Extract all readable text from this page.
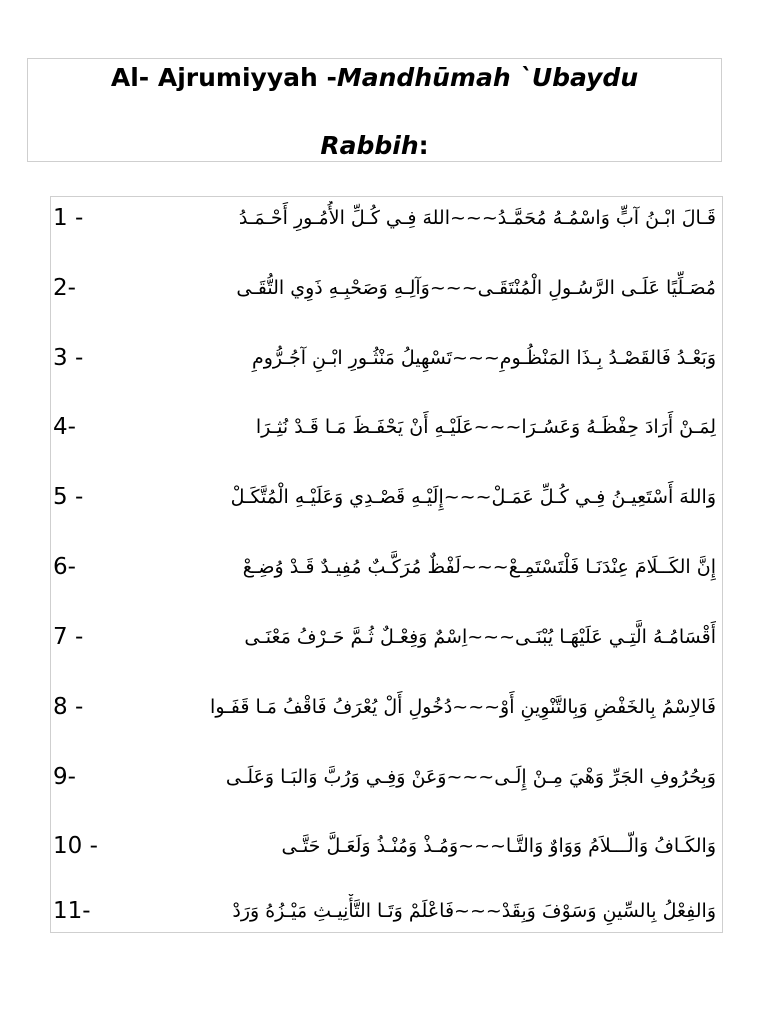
Al- Ajrumiyyah -Mandhūmah `Ubaydu
Rabbih:
1 -	قَـالَ ابْـنُ آبٍّ وَاسْمُـهُ مُحَمَّـدُ~~~اللهَ فِـي كُـلِّ الأُمُـورِ أَحْـمَـدُ
2-	مُصَـلِّيًا عَلَـى الرَّسُـولِ الْمُنْتَقَـى~~~وَآلِـهِ وَصَحْبِـهِ ذَوِي التُّقَـى
3 -	وَبَعْـدُ فَالقَصْـدُ بِـذَا المَنْظُـومِ~~~تَسْهِيلُ مَنْثُـورِ ابْـنِ آجُـرُّومِ
4-	لِمَـنْ أَرَادَ حِفْظَـهُ وَعَسُـرَا~~~عَلَيْـهِ أَنْ يَحْفَـظَ مَـا قَـدْ نُثِـرَا
5 -	وَاللهَ أَسْتَعِيـنُ فِـي كُـلِّ عَمَـلْ~~~إِلَيْـهِ قَصْـدِي وَعَلَيْـهِ الْمُتَّكَـلْ
6-	إِنَّ الكَــلَامَ عِنْدَنَـا فَلْتَسْتَمِـعْ~~~لَفْظٌ مُرَكَّـبٌ مُفِيـدٌ قَـدْ وُضِـعْ
7 -	أَقْسَامُـهُ الَّتِـي عَلَيْهَـا يُبْنَـى~~~اِسْمٌ وَفِعْـلٌ ثُـمَّ حَـرْفُ مَعْنَـى
8 -	فَالاِسْمُ بِالخَفْضِ وَبِالتَّنْوِينِ أَوْ~~~دُخُولِ أَلْ يُعْرَفُ فَاقْفُ مَـا قَفَـوا
9-	وَبِحُرُوفِ الجَرِّ وَهْيَ مِـنْ إِلَـى~~~وَعَنْ وَفِـي وَرُبَّ وَالبَـا وَعَلَـى
10 -	وَالكَـافُ وَالّـــلاَمُ وَوَاوٌ وَالتَّـا~~~وَمُـذْ وَمُنْـذُ وَلَعَـلَّ حَتَّـى
11-	وَالفِعْلُ بِالسِّينِ وَسَوْفَ وَبِقَدْ~~~فَاعْلَمْ وَتَـا التَّأْنِيـثِ مَيْـزُهُ وَرَدْ
